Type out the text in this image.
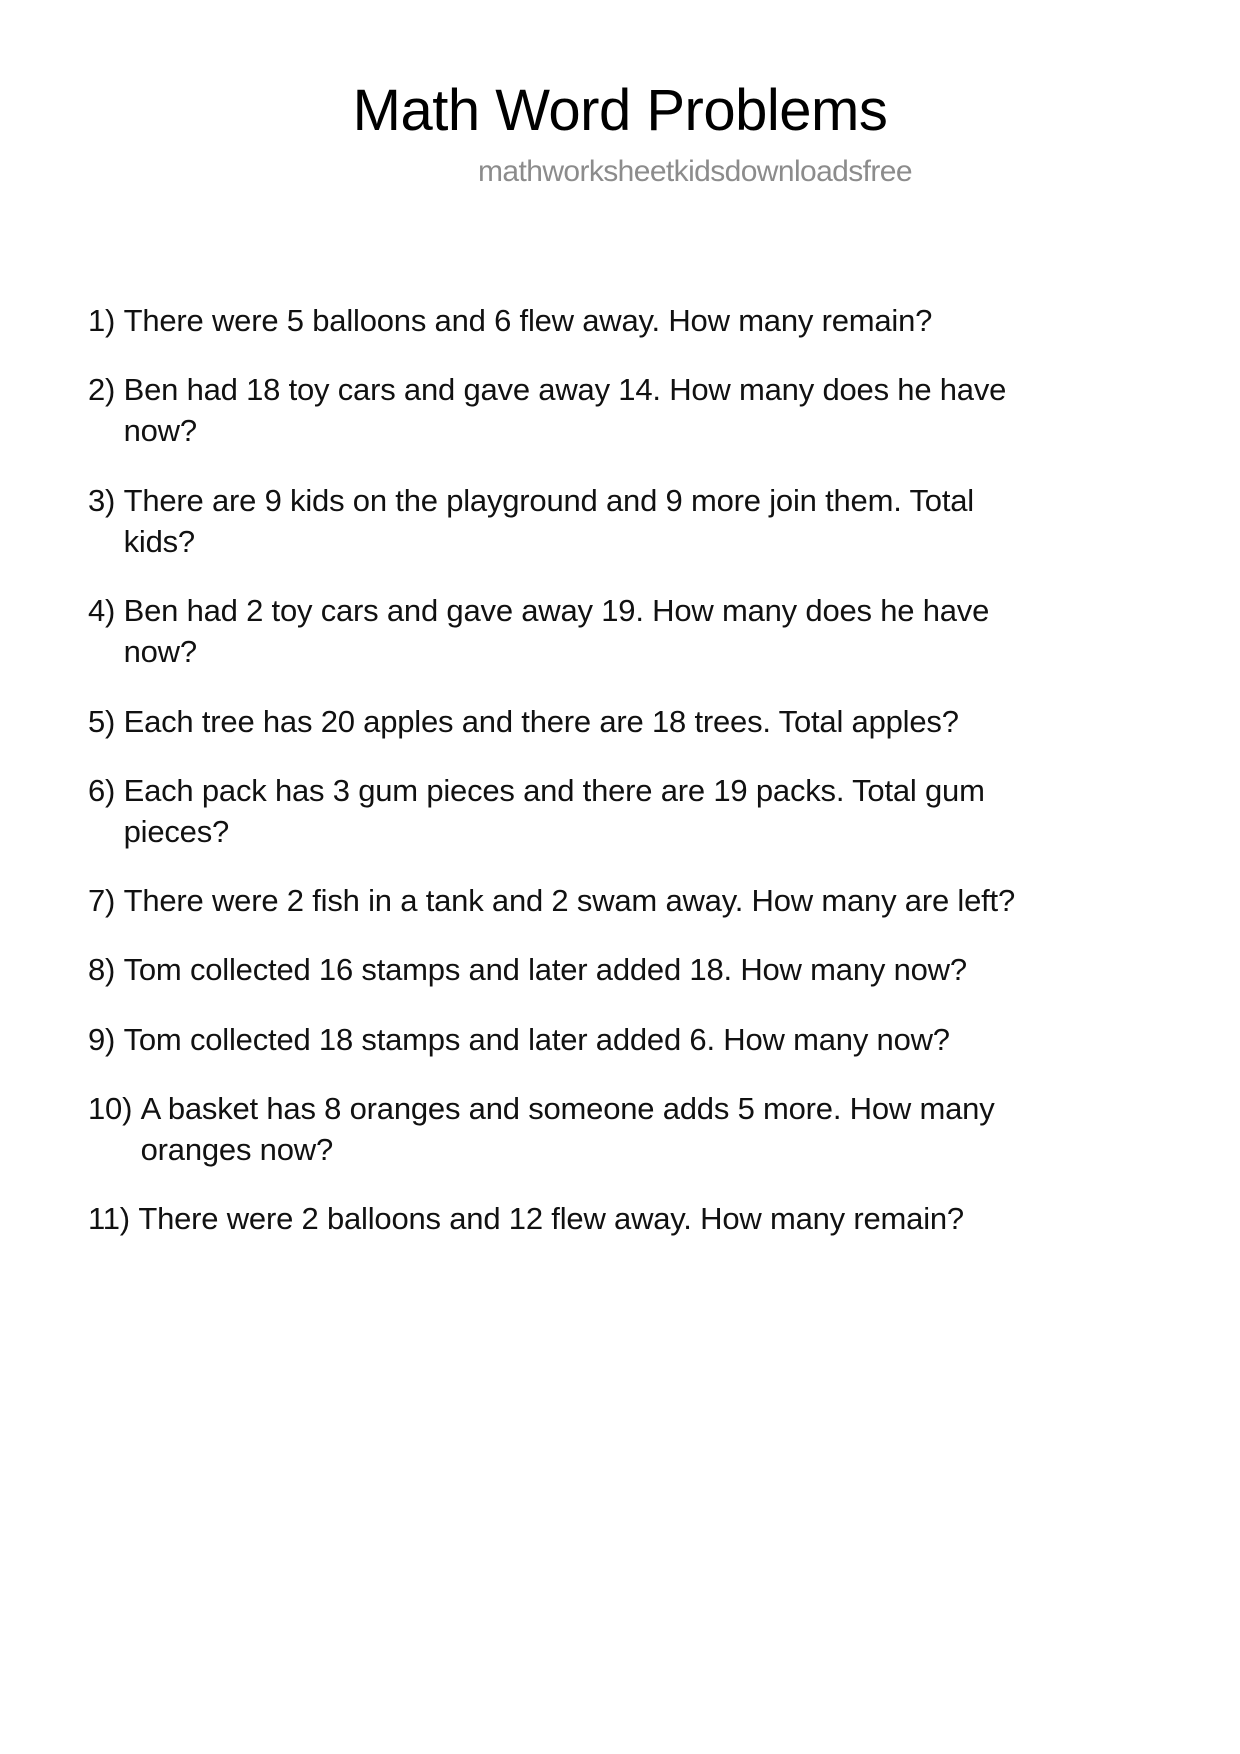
Math Word Problems
mathworksheetkidsdownloadsfree

1)
There were 5 balloons and 6 flew away. How many remain?

2)
Ben had 18 toy cars and gave away 14. How many does he have now?

3)
There are 9 kids on the playground and 9 more join them. Total kids?

4)
Ben had 2 toy cars and gave away 19. How many does he have now?

5)
Each tree has 20 apples and there are 18 trees. Total apples?

6)
Each pack has 3 gum pieces and there are 19 packs. Total gum pieces?

7)
There were 2 fish in a tank and 2 swam away. How many are left?

8)
Tom collected 16 stamps and later added 18. How many now?

9)
Tom collected 18 stamps and later added 6. How many now?

10)
A basket has 8 oranges and someone adds 5 more. How many oranges now?

11)
There were 2 balloons and 12 flew away. How many remain?
